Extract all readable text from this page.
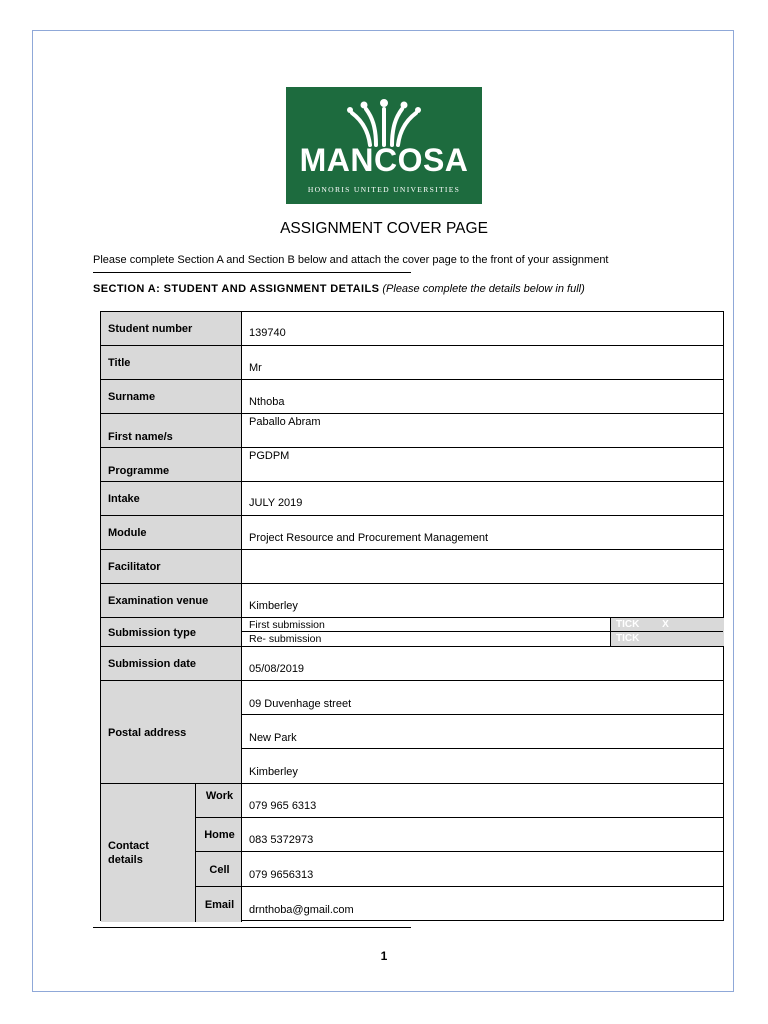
MANCOSA
HONORIS UNITED UNIVERSITIES
ASSIGNMENT COVER PAGE
Please complete Section A and Section B below and attach the cover page to the front of your assignment
SECTION A: STUDENT AND ASSIGNMENT DETAILS (Please complete the details below in full)
Student number
Title
Surname
First name/s
Programme
Intake
Module
Facilitator
Examination venue
Submission type
Submission date
Postal address
Contact details
Work
Home
Cell
Email
139740
Mr
Nthoba
Paballo Abram
PGDPM
JULY 2019
Project Resource and Procurement Management
Kimberley
First submission
Re- submission
TICK X
TICK
05/08/2019
09 Duvenhage street
New Park
Kimberley
079 965 6313
083 5372973
079 9656313
drnthoba@gmail.com
1
